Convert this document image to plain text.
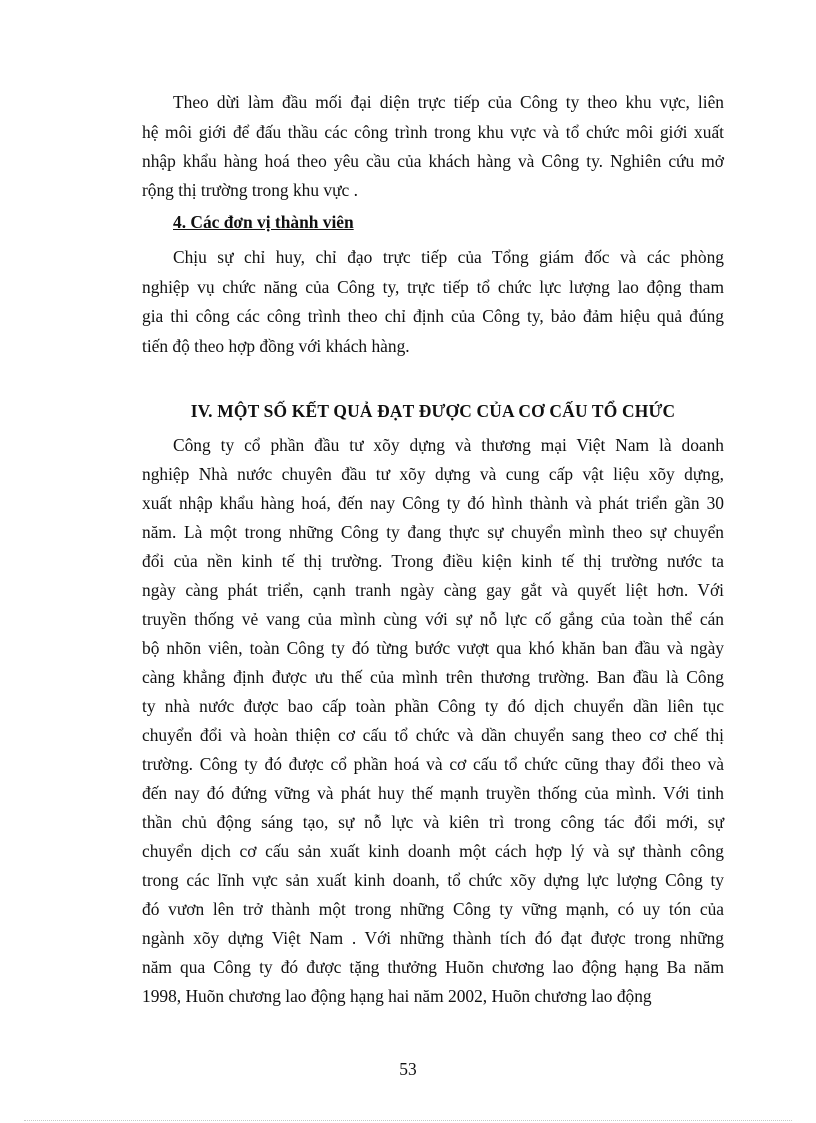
Theo dừi làm đầu mối đại diện trực tiếp của Công ty theo khu vực, liên
hệ môi giới để đấu thầu các công trình trong khu vực và tổ chức môi giới xuất
nhập khẩu hàng hoá theo yêu cầu của khách hàng và Công ty. Nghiên cứu mở
rộng thị trường trong khu vực .
4. Các đơn vị thành viên
Chịu sự chỉ huy, chỉ đạo trực tiếp của Tổng giám đốc và các phòng
nghiệp vụ chức năng của Công ty, trực tiếp tổ chức lực lượng lao động tham
gia thi công các công trình theo chỉ định của Công ty, bảo đảm hiệu quả đúng
tiến độ theo hợp đồng với khách hàng.
IV. MỘT SỐ KẾT QUẢ ĐẠT ĐƯỢC CỦA CƠ CẤU TỔ CHỨC
Công ty cổ phần đầu tư xõy dựng và thương mại Việt Nam là doanh
nghiệp Nhà nước chuyên đầu tư xõy dựng và cung cấp vật liệu xõy dựng,
xuất nhập khẩu hàng hoá, đến nay Công ty đó hình thành và phát triển gần 30
năm. Là một trong những Công ty đang thực sự chuyển mình theo sự chuyển
đổi của nền kinh tế thị trường. Trong điều kiện kinh tế thị trường nước ta
ngày càng phát triển, cạnh tranh ngày càng gay gắt và quyết liệt hơn. Với
truyền thống vẻ vang của mình cùng với sự nỗ lực cố gắng của toàn thể cán
bộ nhõn viên, toàn Công ty đó từng bước vượt qua khó khăn ban đầu và ngày
càng khẳng định được ưu thế của mình trên thương trường. Ban đầu là Công
ty nhà nước được bao cấp toàn phần Công ty đó dịch chuyển dần liên tục
chuyển đổi và hoàn thiện cơ cấu tổ chức và dần chuyển sang theo cơ chế thị
trường. Công ty đó được cổ phần hoá và cơ cấu tổ chức cũng thay đổi theo và
đến nay đó đứng vững và phát huy thế mạnh truyền thống của mình. Với tinh
thần chủ động sáng tạo, sự nỗ lực và kiên trì trong công tác đổi mới, sự
chuyển dịch cơ cấu sản xuất kinh doanh một cách hợp lý và sự thành công
trong các lĩnh vực sản xuất kinh doanh, tổ chức xõy dựng lực lượng Công ty
đó vươn lên trở thành một trong những Công ty vững mạnh, có uy tón của
ngành xõy dựng Việt Nam . Với những thành tích đó đạt được trong những
năm qua Công ty đó được tặng thưởng Huõn chương lao động hạng Ba năm
1998, Huõn chương lao động hạng hai năm 2002, Huõn chương lao động
53
